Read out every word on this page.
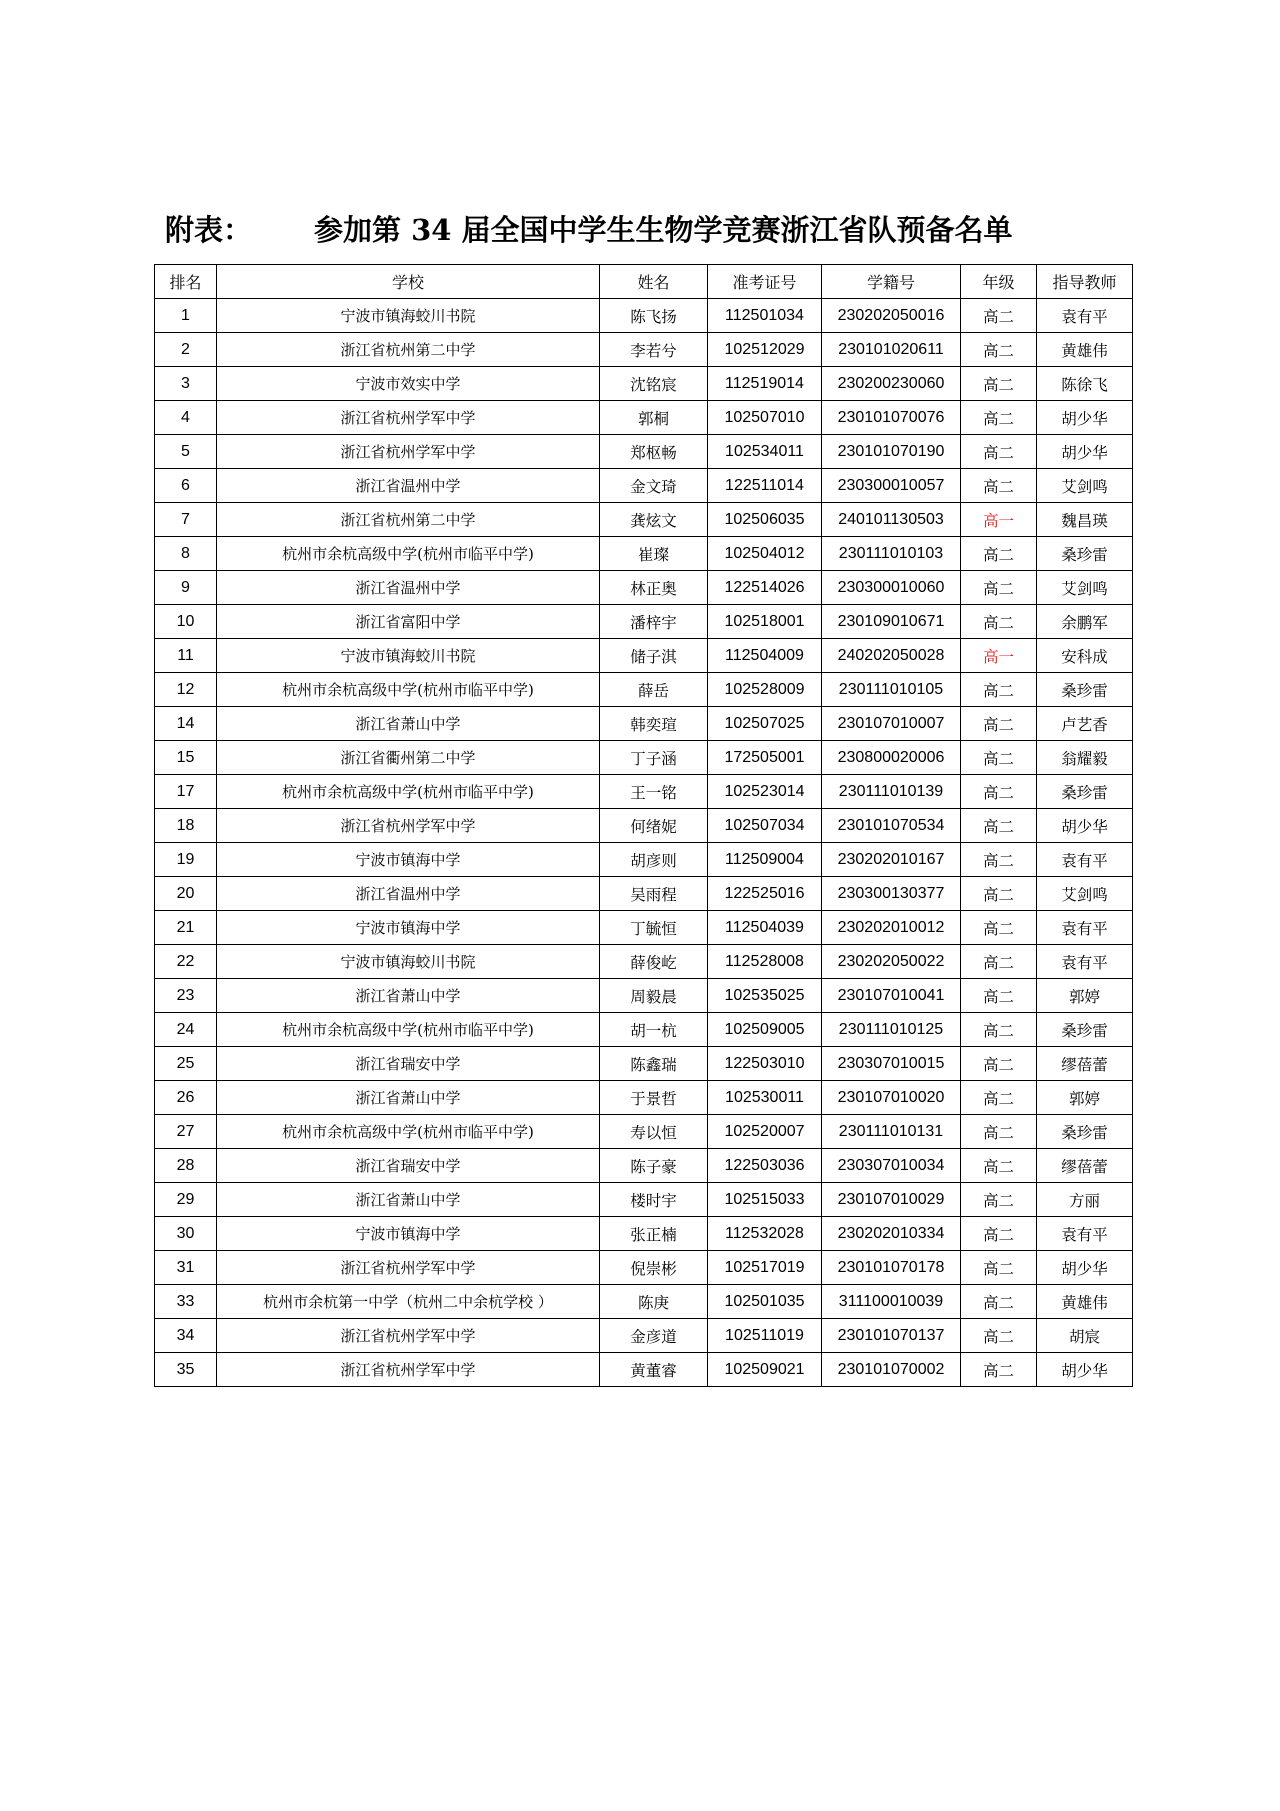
附表： 参加第 34 届全国中学生生物学竞赛浙江省队预备名单
排名	学校	姓名	准考证号	学籍号	年级	指导教师
1	宁波市镇海蛟川书院	陈飞扬	112501034	230202050016	高二	袁有平
2	浙江省杭州第二中学	李若兮	102512029	230101020611	高二	黄雄伟
3	宁波市效实中学	沈铭宸	112519014	230200230060	高二	陈徐飞
4	浙江省杭州学军中学	郭桐	102507010	230101070076	高二	胡少华
5	浙江省杭州学军中学	郑枢畅	102534011	230101070190	高二	胡少华
6	浙江省温州中学	金文琦	122511014	230300010057	高二	艾剑鸣
7	浙江省杭州第二中学	龚炫文	102506035	240101130503	高一	魏昌瑛
8	杭州市余杭高级中学(杭州市临平中学)	崔璨	102504012	230111010103	高二	桑珍雷
9	浙江省温州中学	林正奥	122514026	230300010060	高二	艾剑鸣
10	浙江省富阳中学	潘梓宇	102518001	230109010671	高二	余鹏军
11	宁波市镇海蛟川书院	储子淇	112504009	240202050028	高一	安科成
12	杭州市余杭高级中学(杭州市临平中学)	薛岳	102528009	230111010105	高二	桑珍雷
14	浙江省萧山中学	韩奕瑄	102507025	230107010007	高二	卢艺香
15	浙江省衢州第二中学	丁子涵	172505001	230800020006	高二	翁耀毅
17	杭州市余杭高级中学(杭州市临平中学)	王一铭	102523014	230111010139	高二	桑珍雷
18	浙江省杭州学军中学	何绪妮	102507034	230101070534	高二	胡少华
19	宁波市镇海中学	胡彦则	112509004	230202010167	高二	袁有平
20	浙江省温州中学	吴雨程	122525016	230300130377	高二	艾剑鸣
21	宁波市镇海中学	丁毓恒	112504039	230202010012	高二	袁有平
22	宁波市镇海蛟川书院	薛俊屹	112528008	230202050022	高二	袁有平
23	浙江省萧山中学	周毅晨	102535025	230107010041	高二	郭婷
24	杭州市余杭高级中学(杭州市临平中学)	胡一杭	102509005	230111010125	高二	桑珍雷
25	浙江省瑞安中学	陈鑫瑞	122503010	230307010015	高二	缪蓓蕾
26	浙江省萧山中学	于景哲	102530011	230107010020	高二	郭婷
27	杭州市余杭高级中学(杭州市临平中学)	寿以恒	102520007	230111010131	高二	桑珍雷
28	浙江省瑞安中学	陈子豪	122503036	230307010034	高二	缪蓓蕾
29	浙江省萧山中学	楼时宇	102515033	230107010029	高二	方丽
30	宁波市镇海中学	张正楠	112532028	230202010334	高二	袁有平
31	浙江省杭州学军中学	倪崇彬	102517019	230101070178	高二	胡少华
33	杭州市余杭第一中学（杭州二中余杭学校 ）	陈庚	102501035	311100010039	高二	黄雄伟
34	浙江省杭州学军中学	金彦道	102511019	230101070137	高二	胡宸
35	浙江省杭州学军中学	黄董睿	102509021	230101070002	高二	胡少华
